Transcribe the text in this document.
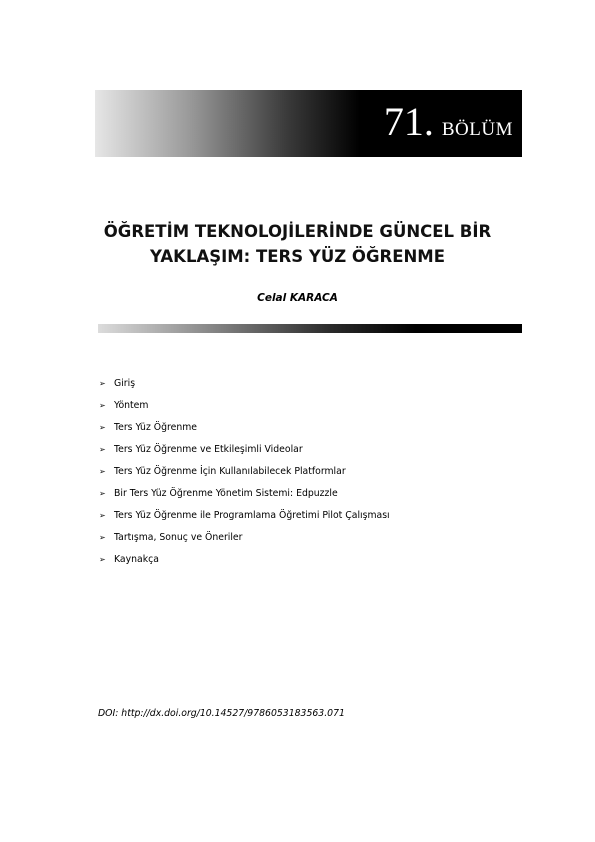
71. BÖLÜM
ÖĞRETİM TEKNOLOJİLERİNDE GÜNCEL BİR
YAKLAŞIM: TERS YÜZ ÖĞRENME
Celal KARACA
➢ Giriş
➢ Yöntem
➢ Ters Yüz Öğrenme
➢ Ters Yüz Öğrenme ve Etkileşimli Videolar
➢ Ters Yüz Öğrenme İçin Kullanılabilecek Platformlar
➢ Bir Ters Yüz Öğrenme Yönetim Sistemi: Edpuzzle
➢ Ters Yüz Öğrenme ile Programlama Öğretimi Pilot Çalışması
➢ Tartışma, Sonuç ve Öneriler
➢ Kaynakça
DOI: http://dx.doi.org/10.14527/9786053183563.071
